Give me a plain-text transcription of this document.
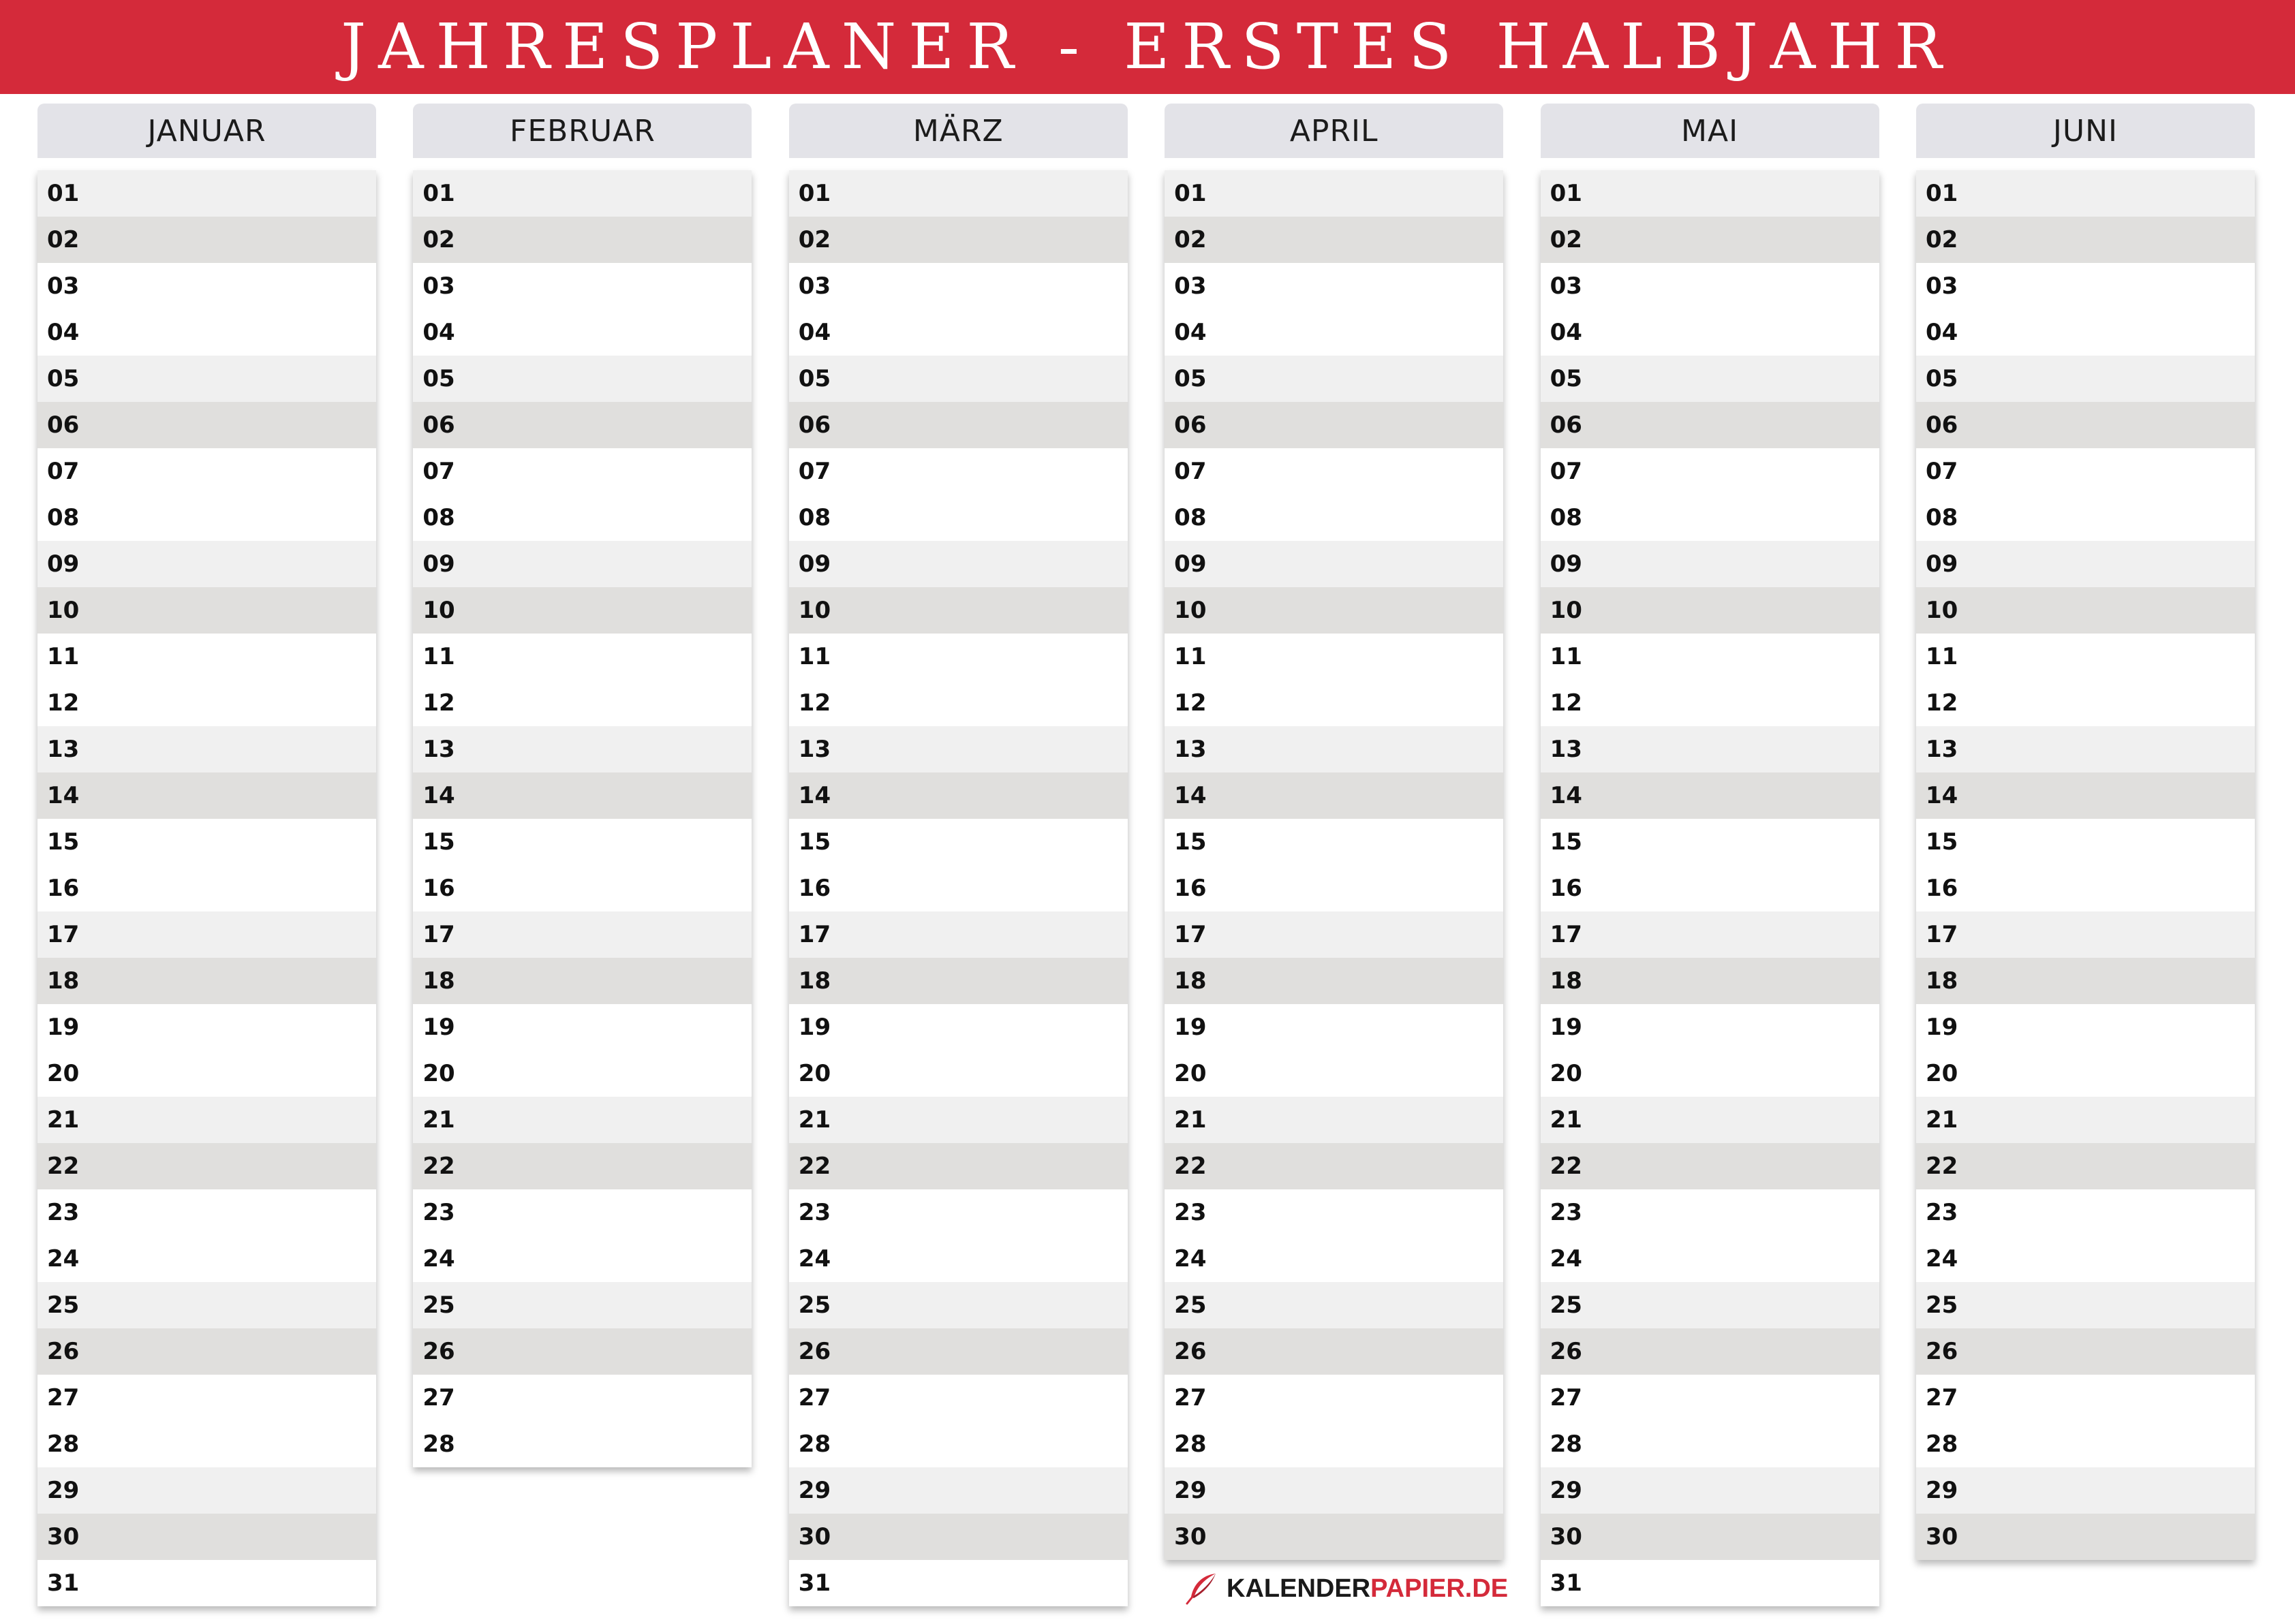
JAHRESPLANER - ERSTES HALBJAHR
JANUAR
01
02
03
04
05
06
07
08
09
10
11
12
13
14
15
16
17
18
19
20
21
22
23
24
25
26
27
28
29
30
31
FEBRUAR
01
02
03
04
05
06
07
08
09
10
11
12
13
14
15
16
17
18
19
20
21
22
23
24
25
26
27
28
MÄRZ
01
02
03
04
05
06
07
08
09
10
11
12
13
14
15
16
17
18
19
20
21
22
23
24
25
26
27
28
29
30
31
APRIL
01
02
03
04
05
06
07
08
09
10
11
12
13
14
15
16
17
18
19
20
21
22
23
24
25
26
27
28
29
30
MAI
01
02
03
04
05
06
07
08
09
10
11
12
13
14
15
16
17
18
19
20
21
22
23
24
25
26
27
28
29
30
31
JUNI
01
02
03
04
05
06
07
08
09
10
11
12
13
14
15
16
17
18
19
20
21
22
23
24
25
26
27
28
29
30
KALENDER PAPIER.DE
